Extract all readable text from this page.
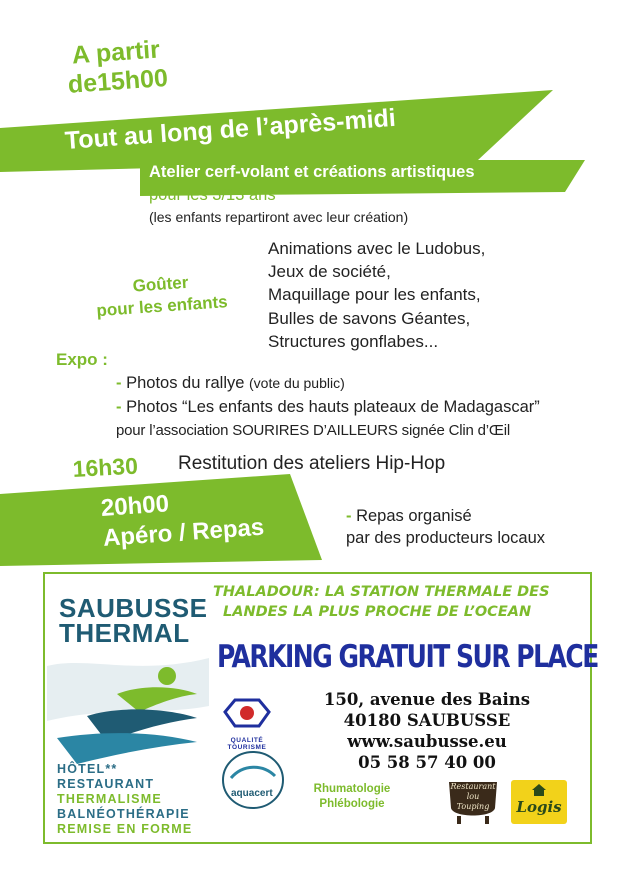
A partir
de15h00
Tout au long de l’après-midi
Atelier cerf-volant et créations artistiques
pour les 3/13 ans
(les enfants repartiront avec leur création)
Goûter
pour les enfants
Animations avec le Ludobus,
Jeux de société,
Maquillage pour les enfants,
Bulles de savons Géantes,
Structures gonflabes...
Expo :
- Photos du rallye (vote du public)
- Photos “Les enfants des hauts plateaux de Madagascar”
pour l’association SOURIRES D’AILLEURS signée Clin d’Œil
16h30 Restitution des ateliers Hip-Hop
20h00
Apéro / Repas	- Repas organisé
par des producteurs locaux
SAUBUSSE
THERMAL
HÔTEL** RESTAURANT
THERMALISME
BALNÉOTHÉRAPIE
REMISE EN FORME
THALADOUR: LA STATION THERMALE DES
LANDES LA PLUS PROCHE DE L’OCEAN
PARKING GRATUIT SUR PLACE
150, avenue des Bains
40180 SAUBUSSE
www.saubusse.eu
05 58 57 40 00
QUALITÉ TOURISME
aquacert	Rhumatologie
Phlébologie
Restaurant
lou
Touping	Logis
